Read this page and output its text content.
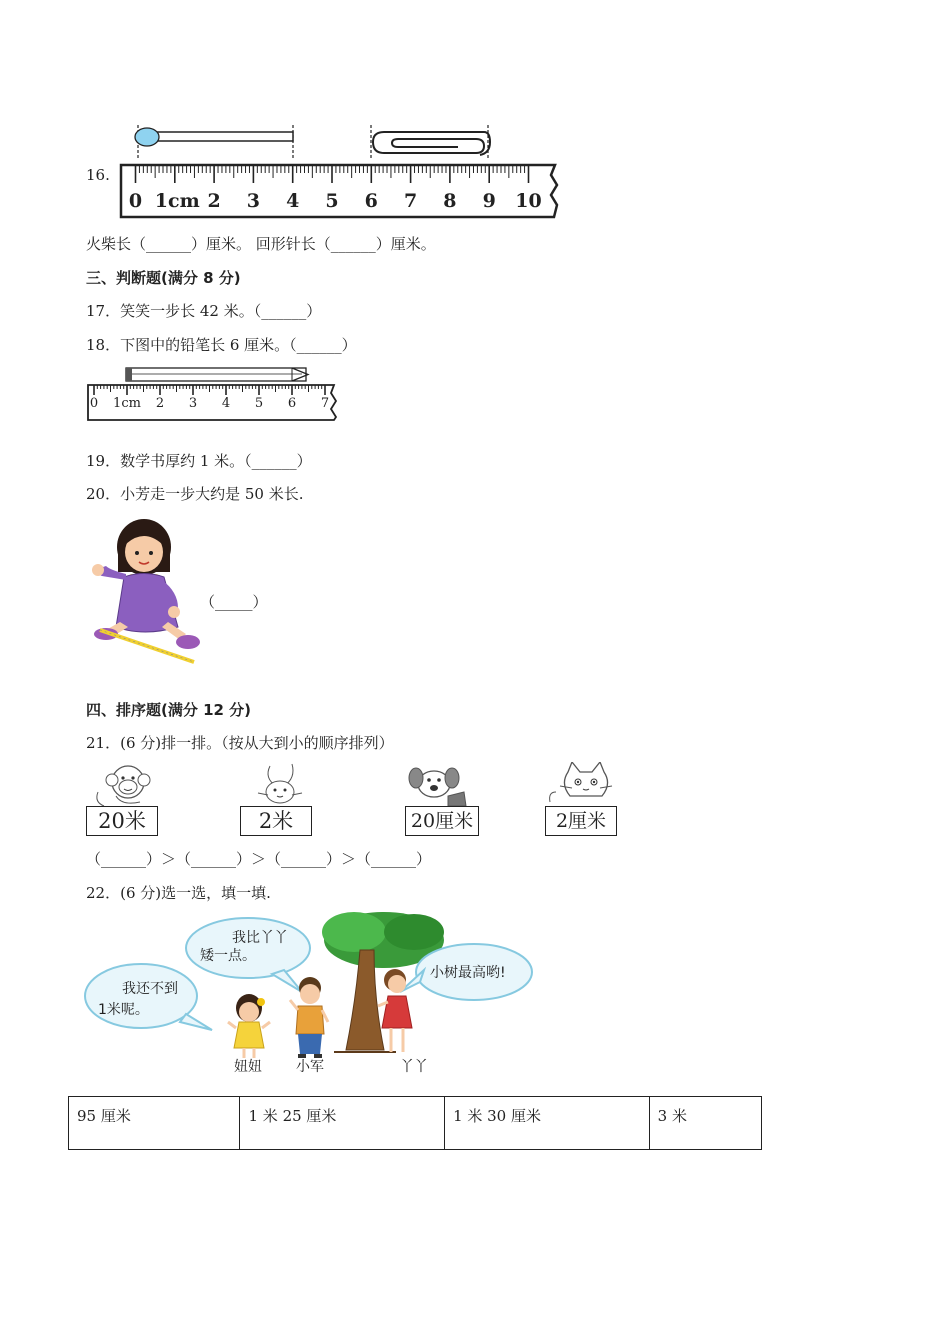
16.
0 1cm 2	3	4	5	6	7	8	9	10
火柴长（______）厘米。 回形针长（______）厘米。
三、判断题(满分 8 分)
17．笑笑一步长 42 米。（______）
18．下图中的铅笔长 6 厘米。（______）
0	1cm	2	3	4	5	6	7
19．数学书厚约 1 米。（______）
20．小芳走一步大约是 50 米长.
（_____）
四、排序题(满分 12 分)
21．(6 分)排一排。（按从大到小的顺序排列）
20米	2米	20厘米	2厘米
（______）＞（______）＞（______）＞（______）
22．(6 分)选一选，填一填.
我还不到
1米呢。
我比丫丫
矮一点。
小树最高哟!
妞妞 小军	丫丫
95 厘米	1 米 25 厘米	1 米 30 厘米	3 米
